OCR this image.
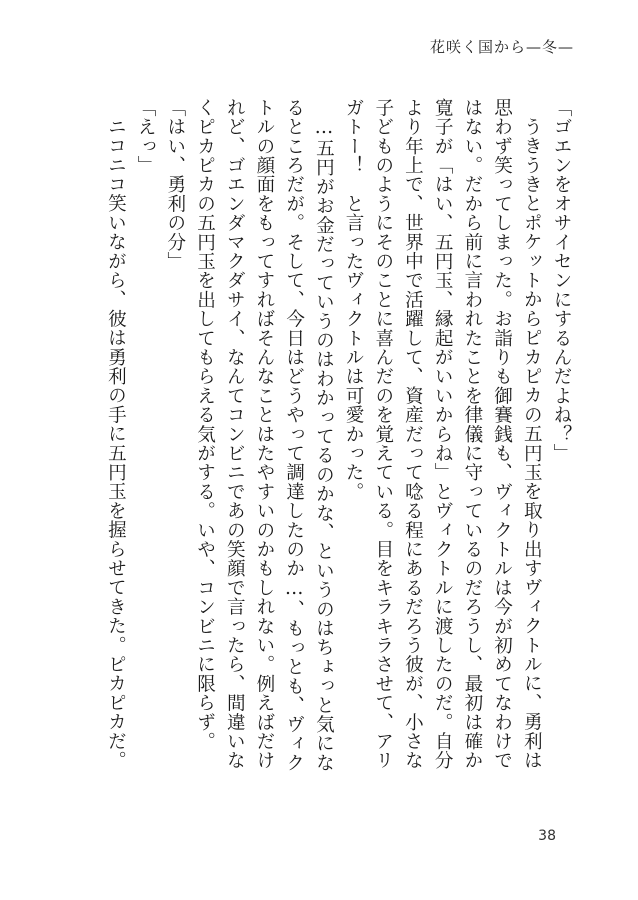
花咲く国から—冬—

「ゴエンをオサイセンにするんだよね？」

うきうきとポケットからピカピカの五円玉を取り出すヴィクトルに、勇利は思わず笑ってしまった。お詣りも御賽銭も、ヴィクトルは今が初めてなわけではない。だから前に言われたことを律儀に守っているのだろうし、最初は確か寛子が「はい、五円玉、縁起がいいからね」とヴィクトルに渡したのだ。自分より年上で、世界中で活躍して、資産だって唸る程にあるだろう彼が、小さな子どものようにそのことに喜んだのを覚えている。目をキラキラさせて、アリガトー！　と言ったヴィクトルは可愛かった。

…五円がお金だっていうのはわかってるのかな、というのはちょっと気になるところだが。そして、今日はどうやって調達したのか…、もっとも、ヴィクトルの顔面をもってすればそんなことはたやすいのかもしれない。例えばだけれど、ゴエンダマクダサイ、なんてコンビニであの笑顔で言ったら、間違いなくピカピカの五円玉を出してもらえる気がする。いや、コンビニに限らず。

「はい、勇利の分」

「えっ」

ニコニコ笑いながら、彼は勇利の手に五円玉を握らせてきた。ピカピカだ。

38
